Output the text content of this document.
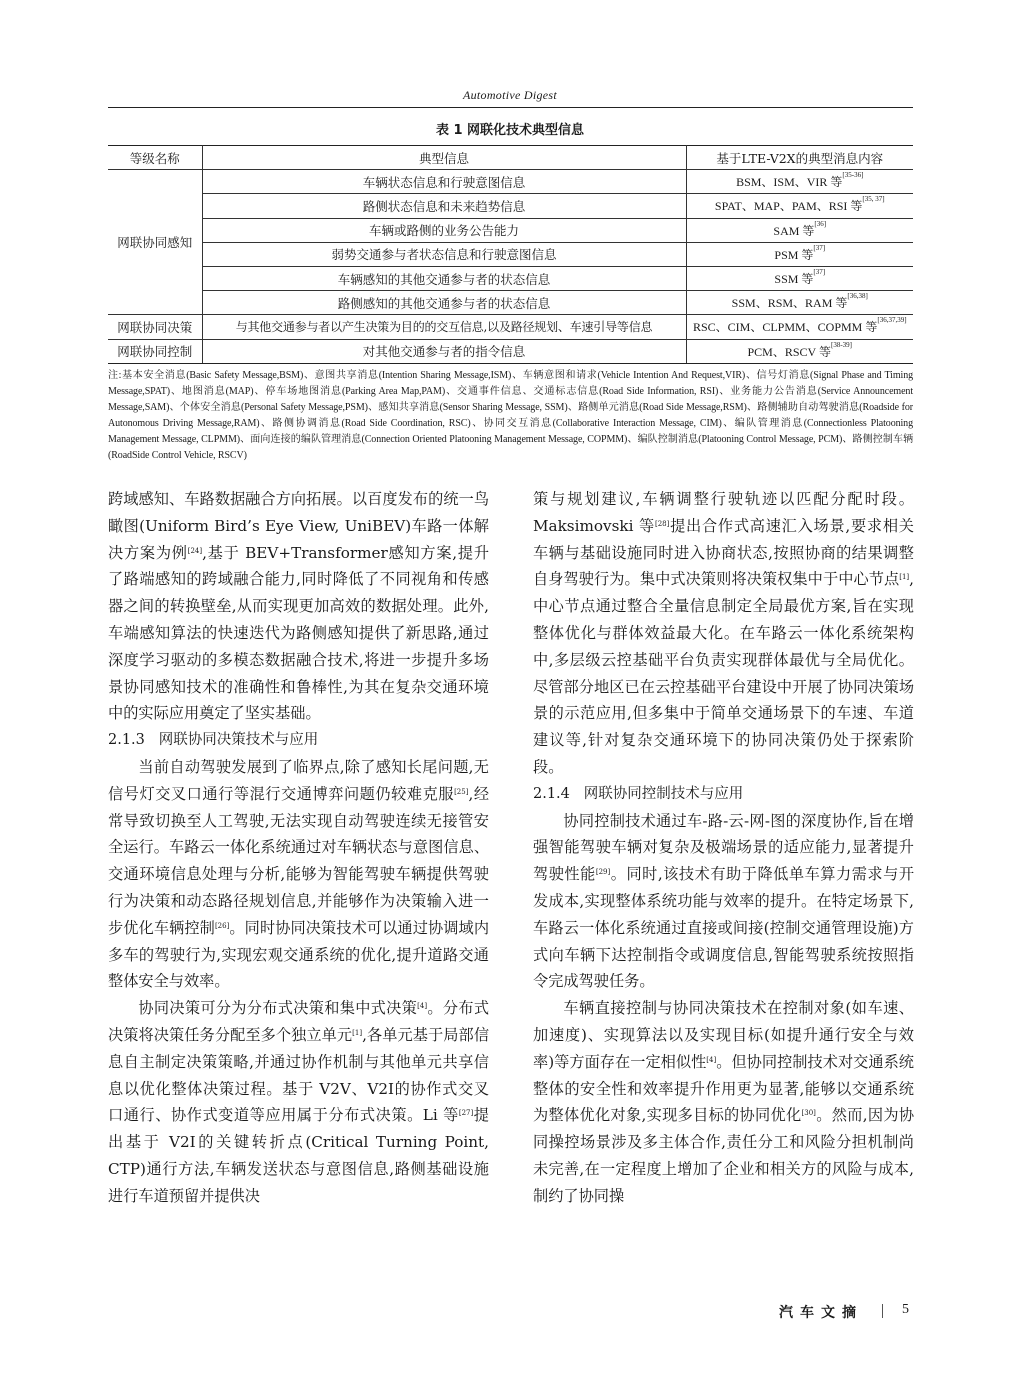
Automotive Digest
表 1 网联化技术典型信息
等级名称	典型信息	基于LTE-V2X的典型消息内容
网联协同感知	车辆状态信息和行驶意图信息	BSM、ISM、VIR 等[35-36]
	路侧状态信息和未来趋势信息	SPAT、MAP、PAM、RSI 等[35, 37]
	车辆或路侧的业务公告能力	SAM 等[36]
	弱势交通参与者状态信息和行驶意图信息	PSM 等[37]
	车辆感知的其他交通参与者的状态信息	SSM 等[37]
	路侧感知的其他交通参与者的状态信息	SSM、RSM、RAM 等[36,38]
网联协同决策	与其他交通参与者以产生决策为目的的交互信息,以及路径规划、车速引导等信息	RSC、CIM、CLPMM、COPMM 等[36,37,39]
网联协同控制	对其他交通参与者的指令信息	PCM、RSCV 等[38-39]
注:基本安全消息(Basic Safety Message,BSM)、意图共享消息(Intention Sharing Message,ISM)、车辆意图和请求(Vehicle Intention And Request,VIR)、信号灯消息(Signal Phase and Timing Message,SPAT)、地图消息(MAP)、停车场地图消息(Parking Area Map,PAM)、交通事件信息、交通标志信息(Road Side Information, RSI)、业务能力公告消息(Service Announcement Message,SAM)、个体安全消息(Personal Safety Message,PSM)、感知共享消息(Sensor Sharing Message, SSM)、路侧单元消息(Road Side Message,RSM)、路侧辅助自动驾驶消息(Roadside for Autonomous Driving Message,RAM)、路侧协调消息(Road Side Coordination, RSC)、协同交互消息(Collaborative Interaction Message, CIM)、编队管理消息(Connectionless Platooning Management Message, CLPMM)、面向连接的编队管理消息(Connection Oriented Platooning Management Message, COPMM)、编队控制消息(Platooning Control Message, PCM)、路侧控制车辆(RoadSide Control Vehicle, RSCV)

跨域感知、车路数据融合方向拓展。以百度发布的统一鸟瞰图(Uniform Bird’s Eye View, UniBEV)车路一体解决方案为例[24],基于 BEV+Transformer感知方案,提升了路端感知的跨域融合能力,同时降低了不同视角和传感器之间的转换壁垒,从而实现更加高效的数据处理。此外,车端感知算法的快速迭代为路侧感知提供了新思路,通过深度学习驱动的多模态数据融合技术,将进一步提升多场景协同感知技术的准确性和鲁棒性,为其在复杂交通环境中的实际应用奠定了坚实基础。

2.1.3 网联协同决策技术与应用

当前自动驾驶发展到了临界点,除了感知长尾问题,无信号灯交叉口通行等混行交通博弈问题仍较难克服[25],经常导致切换至人工驾驶,无法实现自动驾驶连续无接管安全运行。车路云一体化系统通过对车辆状态与意图信息、交通环境信息处理与分析,能够为智能驾驶车辆提供驾驶行为决策和动态路径规划信息,并能够作为决策输入进一步优化车辆控制[26]。同时协同决策技术可以通过协调域内多车的驾驶行为,实现宏观交通系统的优化,提升道路交通整体安全与效率。

协同决策可分为分布式决策和集中式决策[4]。分布式决策将决策任务分配至多个独立单元[1],各单元基于局部信息自主制定决策策略,并通过协作机制与其他单元共享信息以优化整体决策过程。基于 V2V、V2I的协作式交叉口通行、协作式变道等应用属于分布式决策。Li 等[27]提出基于 V2I的关键转折点(Critical Turning Point, CTP)通行方法,车辆发送状态与意图信息,路侧基础设施进行车道预留并提供决

策与规划建议,车辆调整行驶轨迹以匹配分配时段。Maksimovski 等[28]提出合作式高速汇入场景,要求相关车辆与基础设施同时进入协商状态,按照协商的结果调整自身驾驶行为。集中式决策则将决策权集中于中心节点[1],中心节点通过整合全量信息制定全局最优方案,旨在实现整体优化与群体效益最大化。在车路云一体化系统架构中,多层级云控基础平台负责实现群体最优与全局优化。尽管部分地区已在云控基础平台建设中开展了协同决策场景的示范应用,但多集中于简单交通场景下的车速、车道建议等,针对复杂交通环境下的协同决策仍处于探索阶段。

2.1.4 网联协同控制技术与应用

协同控制技术通过车-路-云-网-图的深度协作,旨在增强智能驾驶车辆对复杂及极端场景的适应能力,显著提升驾驶性能[29]。同时,该技术有助于降低单车算力需求与开发成本,实现整体系统功能与效率的提升。在特定场景下,车路云一体化系统通过直接或间接(控制交通管理设施)方式向车辆下达控制指令或调度信息,智能驾驶系统按照指令完成驾驶任务。

车辆直接控制与协同决策技术在控制对象(如车速、加速度)、实现算法以及实现目标(如提升通行安全与效率)等方面存在一定相似性[4]。但协同控制技术对交通系统整体的安全性和效率提升作用更为显著,能够以交通系统为整体优化对象,实现多目标的协同优化[30]。然而,因为协同操控场景涉及多主体合作,责任分工和风险分担机制尚未完善,在一定程度上增加了企业和相关方的风险与成本,制约了协同操

汽车文摘	5
